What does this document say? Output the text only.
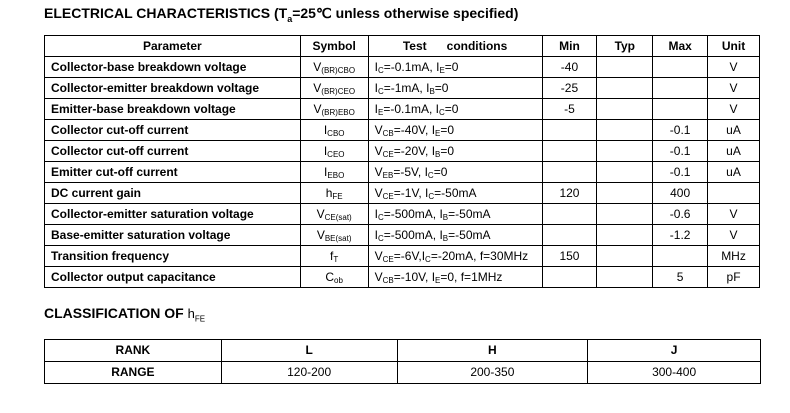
ELECTRICAL CHARACTERISTICS ($T_a=25℃$ unless otherwise specified)
Parameter	Symbol	Test      conditions	Min	Typ	Max	Unit
Collector-base breakdown voltage	$V_{(BR)CBO}$	$I_C=-0.1mA$, $I_E=0$	-40			V
Collector-emitter breakdown voltage	$V_{(BR)CEO}$	$I_C=-1mA$, $I_B=0$	-25			V
Emitter-base breakdown voltage	$V_{(BR)EBO}$	$I_E=-0.1mA$, $I_C=0$	-5			V
Collector cut-off current	$I_{CBO}$	$V_{CB}=-40V$, $I_E=0$			-0.1	uA
Collector cut-off current	$I_{CEO}$	$V_{CE}=-20V$, $I_B=0$			-0.1	uA
Emitter cut-off current	$I_{EBO}$	$V_{EB}=-5V$, $I_C=0$			-0.1	uA
DC current gain	$h_{FE}$	$V_{CE}=-1V$, $I_C=-50mA$	120		400	
Collector-emitter saturation voltage	$V_{CE(sat)}$	$I_C=-500mA$, $I_B=-50mA$			-0.6	V
Base-emitter saturation voltage	$V_{BE(sat)}$	$I_C=-500mA$, $I_B=-50mA$			-1.2	V
Transition frequency	$f_T$	$V_{CE}=-6V,I_C=-20mA$, f=30MHz	150			MHz
Collector output capacitance	$C_{ob}$	$V_{CB}=-10V$, $I_E=0$, f=1MHz			5	pF
CLASSIFICATION OF $h_{FE}$
RANK	L	H	J
RANGE	120-200	200-350	300-400
